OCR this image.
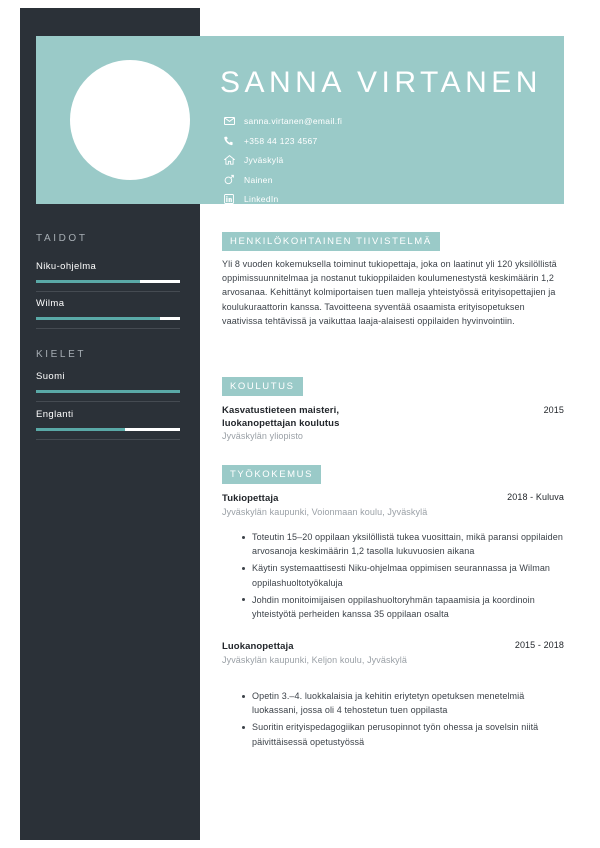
SANNA VIRTANEN
sanna.virtanen@email.fi
+358 44 123 4567
Jyväskylä
Nainen
LinkedIn
TAIDOT
Niku-ohjelma
Wilma
KIELET
Suomi
Englanti
HENKILÖKOHTAINEN TIIVISTELMÄ
Yli 8 vuoden kokemuksella toiminut tukiopettaja, joka on laatinut yli 120 yksilöllistä oppimissuunnitelmaa ja nostanut tukioppilaiden koulumenestystä keskimäärin 1,2 arvosanaa. Kehittänyt kolmiportaisen tuen malleja yhteistyössä erityisopettajien ja koulukuraattorin kanssa. Tavoitteena syventää osaamista erityisopetuksen vaativissa tehtävissä ja vaikuttaa laaja-alaisesti oppilaiden hyvinvointiin.
KOULUTUS
Kasvatustieteen maisteri,
luokanopettajan koulutus
2015
Jyväskylän yliopisto
TYÖKOKEMUS
Tukiopettaja	2018 - Kuluva
Jyväskylän kaupunki, Voionmaan koulu, Jyväskylä
Toteutin 15–20 oppilaan yksilöllistä tukea vuosittain, mikä paransi oppilaiden arvosanoja keskimäärin 1,2 tasolla lukuvuosien aikana
Käytin systemaattisesti Niku-ohjelmaa oppimisen seurannassa ja Wilman oppilashuoltotyökaluja
Johdin monitoimijaisen oppilashuoltoryhmän tapaamisia ja koordinoin yhteistyötä perheiden kanssa 35 oppilaan osalta
Luokanopettaja	2015 - 2018
Jyväskylän kaupunki, Keljon koulu, Jyväskylä
Opetin 3.–4. luokkalaisia ja kehitin eriytetyn opetuksen menetelmiä luokassani, jossa oli 4 tehostetun tuen oppilasta
Suoritin erityispedagogiikan perusopinnot työn ohessa ja sovelsin niitä päivittäisessä opetustyössä
